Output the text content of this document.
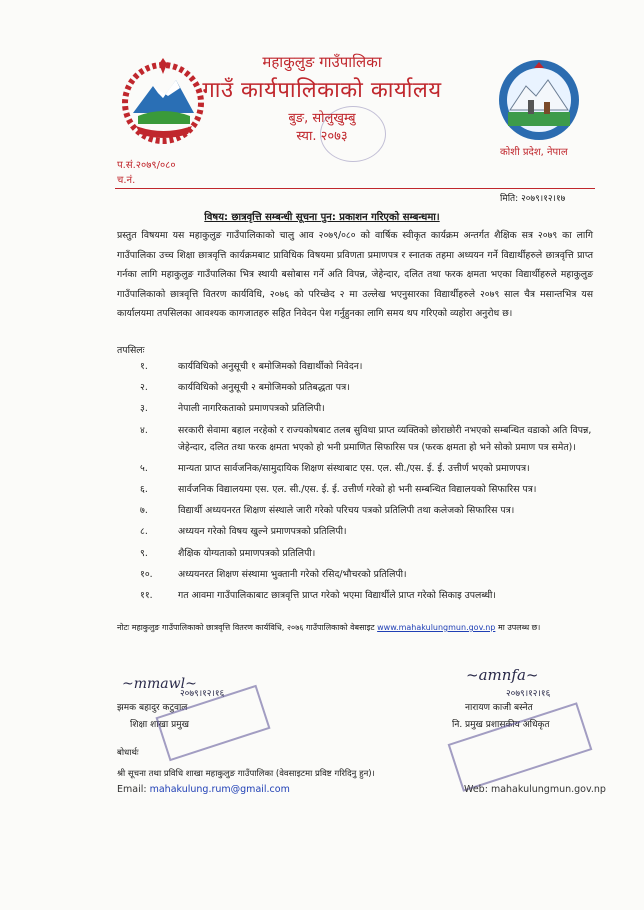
महाकुलुङ गाउँपालिका
गाउँ कार्यपालिकाको कार्यालय
बुङ, सोलुखुम्बु
स्या. २०७३
कोशी प्रदेश, नेपाल
प.सं.२०७९/०८०
च.नं.
मिति: २०७९।१२।१७
विषय: छात्रवृत्ति सम्बन्धी सूचना पुन: प्रकाशन गरिएको सम्बन्धमा।
प्रस्तुत विषयमा यस महाकुलुङ गाउँपालिकाको चालु आव २०७९/०८० को वार्षिक स्वीकृत कार्यक्रम अन्तर्गत शैक्षिक सत्र २०७९ का लागि गाउँपालिका उच्च शिक्षा छात्रवृत्ति कार्यक्रमबाट प्राविधिक विषयमा प्रविणता प्रमाणपत्र र स्नातक तहमा अध्ययन गर्ने विद्यार्थीहरुले छात्रवृत्ति प्राप्त गर्नका लागि महाकुलुङ गाउँपालिका भित्र स्थायी बसोबास गर्ने अति विपन्न, जेहेन्दार, दलित तथा फरक क्षमता भएका विद्यार्थीहरुले महाकुलुङ गाउँपालिकाको छात्रवृत्ति वितरण कार्यविधि, २०७६ को परिच्छेद २ मा उल्लेख भएनुसारका विद्यार्थीहरुले २०७९ साल चैत्र मसान्तभित्र यस कार्यालयमा तपसिलका आवश्यक कागजातहरु सहित निवेदन पेश गर्नुहुनका लागि समय थप गरिएको व्यहोरा अनुरोध छ।
तपसिलः
१.	कार्यविधिको अनुसूची १ बमोजिमको विद्यार्थीको निवेदन।
२.	कार्यविधिको अनुसूची २ बमोजिमको प्रतिबद्धता पत्र।
३.	नेपाली नागरिकताको प्रमाणपत्रको प्रतिलिपी।
४.	सरकारी सेवामा बहाल नरहेको र राज्यकोषबाट तलब सुविधा प्राप्त व्यक्तिको छोराछोरी नभएको सम्बन्धित वडाको अति विपन्न, जेहेन्दार, दलित तथा फरक क्षमता भएको हो भनी प्रमाणित सिफारिस पत्र (फरक क्षमता हो भने सोको प्रमाण पत्र समेत)।
५.	मान्यता प्राप्त सार्वजनिक/सामुदायिक शिक्षण संस्थाबाट एस. एल. सी./एस. ई. ई. उत्तीर्ण भएको प्रमाणपत्र।
६.	सार्वजनिक विद्यालयमा एस. एल. सी./एस. ई. ई. उत्तीर्ण गरेको हो भनी सम्बन्धित विद्यालयको सिफारिस पत्र।
७.	विद्यार्थी अध्ययनरत शिक्षण संस्थाले जारी गरेको परिचय पत्रको प्रतिलिपी तथा कलेजको सिफारिस पत्र।
८.	अध्ययन गरेको विषय खुल्ने प्रमाणपत्रको प्रतिलिपी।
९.	शैक्षिक योग्यताको प्रमाणपत्रको प्रतिलिपी।
१०.	अध्ययनरत शिक्षण संस्थामा भुक्तानी गरेको रसिद/भौचरको प्रतिलिपी।
११.	गत आवमा गाउँपालिकाबाट छात्रवृत्ति प्राप्त गरेको भएमा विद्यार्थीले प्राप्त गरेको सिकाइ उपलब्धी।
नोटः महाकुलुङ गाउँपालिकाको छात्रवृत्ति वितरण कार्यविधि, २०७६ गाउँपालिकाको वेबसाइट www.mahakulungmun.gov.np मा उपलब्ध छ।
~mmawl~
२०७९।१२।१६
झमक बहादुर कटुवाल
शिक्षा शाखा प्रमुख
~amnfa~
२०७९।१२।१६
नारायण काजी बस्नेत
नि. प्रमुख प्रशासकीय अधिकृत
बोधार्थः
श्री सूचना तथा प्रविधि शाखा महाकुलुङ गाउँपालिका (वेवसाइटमा प्रविष्ट गरिदिनु हुन)।
Email: mahakulung.rum@gmail.com	Web: mahakulungmun.gov.np
